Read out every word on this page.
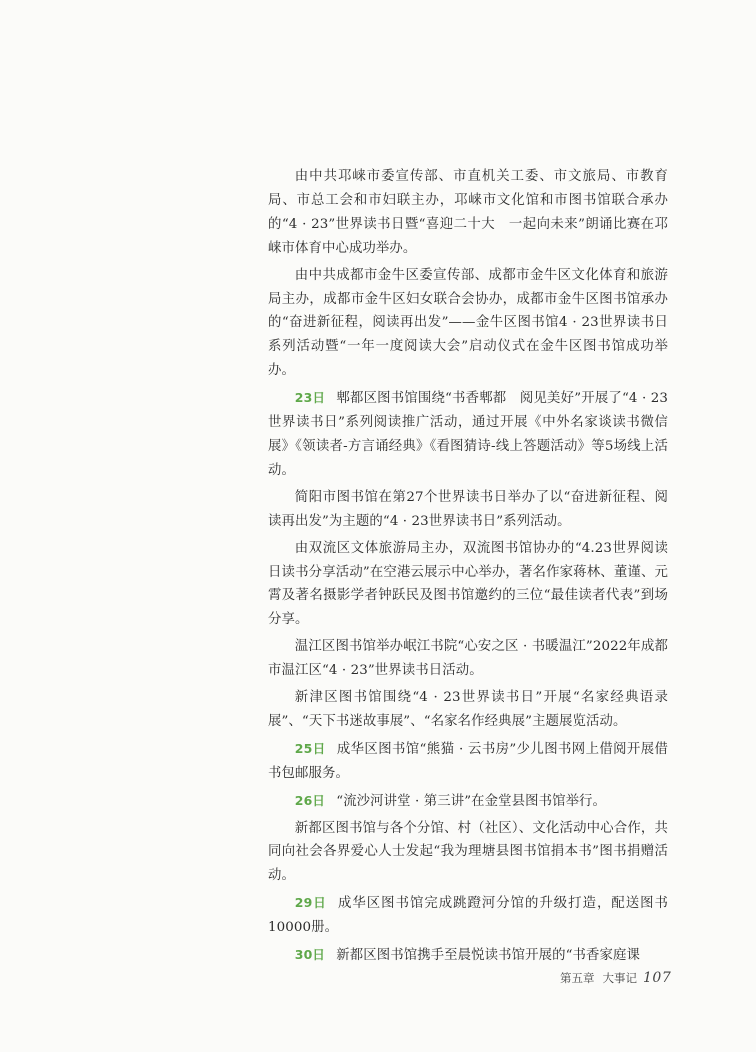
由中共邛崃市委宣传部、市直机关工委、市文旅局、市教育局、市总工会和市妇联主办，邛崃市文化馆和市图书馆联合承办的“4 · 23”世界读书日暨“喜迎二十大　一起向未来”朗诵比赛在邛崃市体育中心成功举办。

由中共成都市金牛区委宣传部、成都市金牛区文化体育和旅游局主办，成都市金牛区妇女联合会协办，成都市金牛区图书馆承办的“奋进新征程，阅读再出发”——金牛区图书馆4 · 23世界读书日系列活动暨“一年一度阅读大会”启动仪式在金牛区图书馆成功举办。

23日 郫都区图书馆围绕“书香郫都　阅见美好”开展了“4 · 23世界读书日”系列阅读推广活动，通过开展《中外名家谈读书微信展》《领读者-方言诵经典》《看图猜诗-线上答题活动》等5场线上活动。

简阳市图书馆在第27个世界读书日举办了以“奋进新征程、阅读再出发”为主题的“4 · 23世界读书日”系列活动。

由双流区文体旅游局主办，双流图书馆协办的“4.23世界阅读日读书分享活动”在空港云展示中心举办，著名作家蒋林、董谨、元霄及著名摄影学者钟跃民及图书馆邀约的三位“最佳读者代表”到场分享。

温江区图书馆举办岷江书院“心安之区 · 书暖温江”2022年成都市温江区“4 · 23”世界读书日活动。

新津区图书馆围绕“4 · 23世界读书日”开展“名家经典语录展”、“天下书迷故事展”、“名家名作经典展”主题展览活动。

25日 成华区图书馆“熊猫 · 云书房”少儿图书网上借阅开展借书包邮服务。

26日 “流沙河讲堂 · 第三讲”在金堂县图书馆举行。

新都区图书馆与各个分馆、村（社区）、文化活动中心合作，共同向社会各界爱心人士发起“我为理塘县图书馆捐本书”图书捐赠活动。

29日 成华区图书馆完成跳蹬河分馆的升级打造，配送图书10000册。

30日 新都区图书馆携手至晨悦读书馆开展的“书香家庭课

第五章 大事记 107
